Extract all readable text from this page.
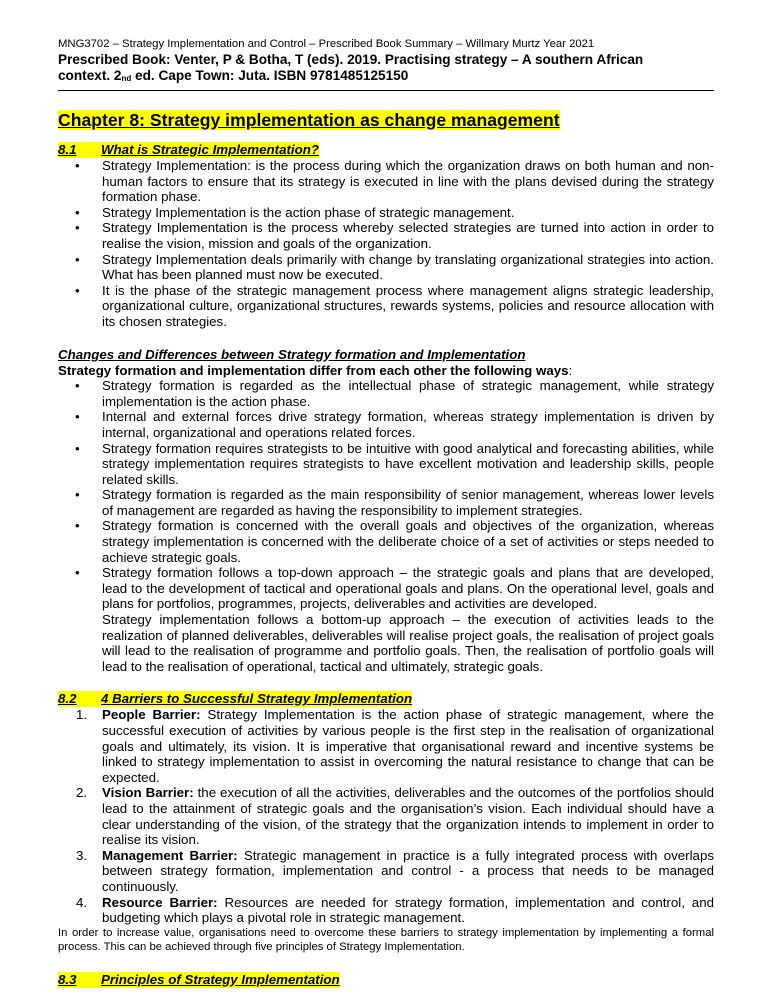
MNG3702 – Strategy Implementation and Control – Prescribed Book Summary – Willmary Murtz Year 2021
Prescribed Book: Venter, P & Botha, T (eds). 2019. Practising strategy – A southern African
context. $2_{nd}$ ed. Cape Town: Juta. ISBN 9781485125150
Chapter 8: Strategy implementation as change management
8.1	What is Strategic Implementation?
• Strategy Implementation: is the process during which the organization draws on both human and non-human factors to ensure that its strategy is executed in line with the plans devised during the strategy formation phase.
• Strategy Implementation is the action phase of strategic management.
• Strategy Implementation is the process whereby selected strategies are turned into action in order to realise the vision, mission and goals of the organization.
• Strategy Implementation deals primarily with change by translating organizational strategies into action. What has been planned must now be executed.
• It is the phase of the strategic management process where management aligns strategic leadership, organizational culture, organizational structures, rewards systems, policies and resource allocation with its chosen strategies.
Changes and Differences between Strategy formation and Implementation
Strategy formation and implementation differ from each other the following ways:
• Strategy formation is regarded as the intellectual phase of strategic management, while strategy implementation is the action phase.
• Internal and external forces drive strategy formation, whereas strategy implementation is driven by internal, organizational and operations related forces.
• Strategy formation requires strategists to be intuitive with good analytical and forecasting abilities, while strategy implementation requires strategists to have excellent motivation and leadership skills, people related skills.
• Strategy formation is regarded as the main responsibility of senior management, whereas lower levels of management are regarded as having the responsibility to implement strategies.
• Strategy formation is concerned with the overall goals and objectives of the organization, whereas strategy implementation is concerned with the deliberate choice of a set of activities or steps needed to achieve strategic goals.
• Strategy formation follows a top-down approach – the strategic goals and plans that are developed, lead to the development of tactical and operational goals and plans. On the operational level, goals and plans for portfolios, programmes, projects, deliverables and activities are developed.
Strategy implementation follows a bottom-up approach – the execution of activities leads to the realization of planned deliverables, deliverables will realise project goals, the realisation of project goals will lead to the realisation of programme and portfolio goals. Then, the realisation of portfolio goals will lead to the realisation of operational, tactical and ultimately, strategic goals.
8.2	4 Barriers to Successful Strategy Implementation
1. People Barrier: Strategy Implementation is the action phase of strategic management, where the successful execution of activities by various people is the first step in the realisation of organizational goals and ultimately, its vision. It is imperative that organisational reward and incentive systems be linked to strategy implementation to assist in overcoming the natural resistance to change that can be expected.
2. Vision Barrier: the execution of all the activities, deliverables and the outcomes of the portfolios should lead to the attainment of strategic goals and the organisation’s vision. Each individual should have a clear understanding of the vision, of the strategy that the organization intends to implement in order to realise its vision.
3. Management Barrier: Strategic management in practice is a fully integrated process with overlaps between strategy formation, implementation and control - a process that needs to be managed continuously.
4. Resource Barrier: Resources are needed for strategy formation, implementation and control, and budgeting which plays a pivotal role in strategic management.
In order to increase value, organisations need to overcome these barriers to strategy implementation by implementing a formal process. This can be achieved through five principles of Strategy Implementation.
8.3	Principles of Strategy Implementation
